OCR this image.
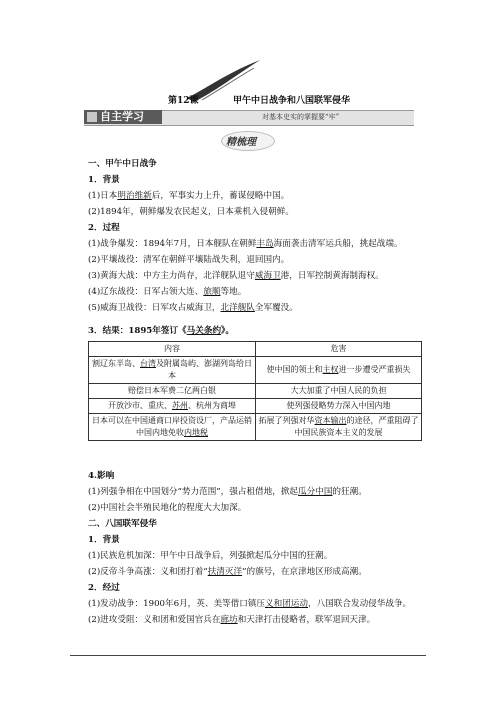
第12课	甲午中日战争和八国联军侵华
自主学习	对基本史实的掌握要“牢”
精梳理
一、甲午中日战争
1．背景
(1)日本明治维新后，军事实力上升，蓄谋侵略中国。
(2)1894年，朝鲜爆发农民起义，日本乘机入侵朝鲜。
2．过程
(1)战争爆发：1894年7月，日本舰队在朝鲜丰岛海面袭击清军运兵船，挑起战端。
(2)平壤战役：清军在朝鲜平壤陆战失利，退回国内。
(3)黄海大战：中方主力尚存，北洋舰队退守威海卫港，日军控制黄海制海权。
(4)辽东战役：日军占领大连、旅顺等地。
(5)威海卫战役：日军攻占威海卫，北洋舰队全军覆没。
3．结果：1895年签订《马关条约》。
内容	危害
割辽东半岛、台湾及附属岛屿、澎湖列岛给日本	使中国的领土和主权进一步遭受严重损失
赔偿日本军费二亿两白银	大大加重了中国人民的负担
开放沙市、重庆、苏州、杭州为商埠	使列强侵略势力深入中国内地
日本可以在中国通商口岸投资设厂，产品运销中国内地免收内地税	拓展了列强对华资本输出的途径，严重阻碍了中国民族资本主义的发展
4.影响
(1)列强争相在中国划分“势力范围”，强占租借地，掀起瓜分中国的狂潮。
(2)中国社会半殖民地化的程度大大加深。
二、八国联军侵华
1．背景
(1)民族危机加深：甲午中日战争后，列强掀起瓜分中国的狂潮。
(2)反帝斗争高涨：义和团打着“扶清灭洋”的旗号，在京津地区形成高潮。
2．经过
(1)发动战争：1900年6月，英、美等借口镇压义和团运动，八国联合发动侵华战争。
(2)进攻受阻：义和团和爱国官兵在廊坊和天津打击侵略者，联军退回天津。
